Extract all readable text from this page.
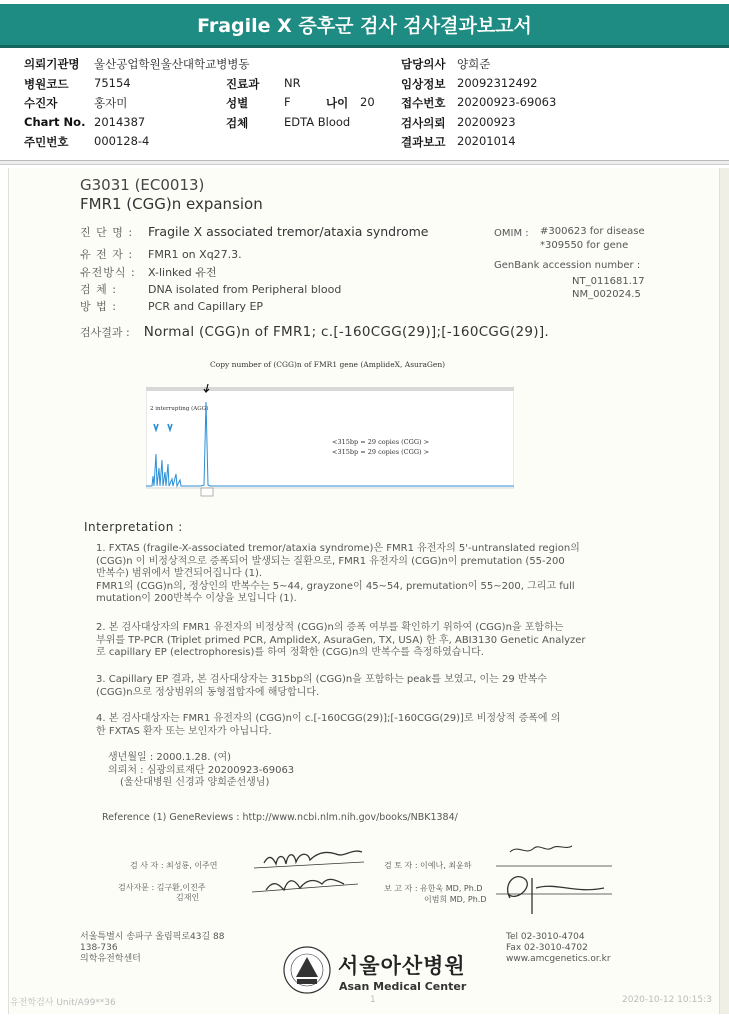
Fragile X 증후군 검사 검사결과보고서
의뢰기관명 울산공업학원울산대학교병병동	담당의사 양희준
병원코드 75154	진료과 NR	임상정보 20092312492
수진자	홍자미	성별	F	나이 20 접수번호 20200923-69063
Chart No. 2014387	검체	EDTA Blood	검사의뢰 20200923
주민번호 000128-4	결과보고 20201014
G3031 (EC0013)
FMR1 (CGG)n expansion
진 단 명 : Fragile X associated tremor/ataxia syndrome
유 전 자 : FMR1 on Xq27.3.
유전방식 : X-linked 유전
검 체 :	DNA isolated from Peripheral blood
방 법 :	PCR and Capillary EP
OMIM : #300623 for disease
*309550 for gene
GenBank accession number :
NT_011681.17
NM_002024.5
검사결과 : Normal (CGG)n of FMR1; c.[-160CGG(29)];[-160CGG(29)].
Copy number of (CGG)n of FMR1 gene (AmplideX, AsuraGen)
2 interrupting (AGG)
<315bp = 29 copies (CGG) >
<315bp = 29 copies (CGG) >
Interpretation :
1. FXTAS (fragile-X-associated tremor/ataxia syndrome)은 FMR1 유전자의 5'-untranslated region의
(CGG)n 이 비정상적으로 증폭되어 발생되는 질환으로, FMR1 유전자의 (CGG)n이 premutation (55-200
반복수) 범위에서 발견되어집니다 (1).
FMR1의 (CGG)n의, 정상인의 반복수는 5~44, grayzone이 45~54, premutation이 55~200, 그리고 full
mutation이 200반복수 이상을 보입니다 (1).
2. 본 검사대상자의 FMR1 유전자의 비정상적 (CGG)n의 증폭 여부를 확인하기 위하여 (CGG)n을 포함하는
부위를 TP-PCR (Triplet primed PCR, AmplideX, AsuraGen, TX, USA) 한 후, ABI3130 Genetic Analyzer
로 capillary EP (electrophoresis)를 하여 정확한 (CGG)n의 반복수를 측정하였습니다.
3. Capillary EP 결과, 본 검사대상자는 315bp의 (CGG)n을 포함하는 peak를 보였고, 이는 29 반복수
(CGG)n으로 정상범위의 동형접합자에 해당합니다.
4. 본 검사대상자는 FMR1 유전자의 (CGG)n이 c.[-160CGG(29)];[-160CGG(29)]로 비정상적 증폭에 의
한 FXTAS 환자 또는 보인자가 아닙니다.
생년월일 : 2000.1.28. (여)
의뢰처 : 심광의료재단 20200923-69063
(울산대병원 신경과 양희준선생님)
Reference (1) GeneReviews : http://www.ncbi.nlm.nih.gov/books/NBK1384/
검 사 자 : 최성룡, 이주연
검사자문 : 김구환,이진주
김재인
검 토 자 : 이예나, 최윤하
보 고 자 : 유한욱 MD, Ph.D
이범희 MD, Ph.D
서울특별시 송파구 올림픽로43길 88
138-736
의학유전학센터
Tel 02-3010-4704
Fax 02-3010-4702
www.amcgenetics.or.kr
서울아산병원
Asan Medical Center
유전학검사 Unit/A99**36	1	2020-10-12 10:15:3
